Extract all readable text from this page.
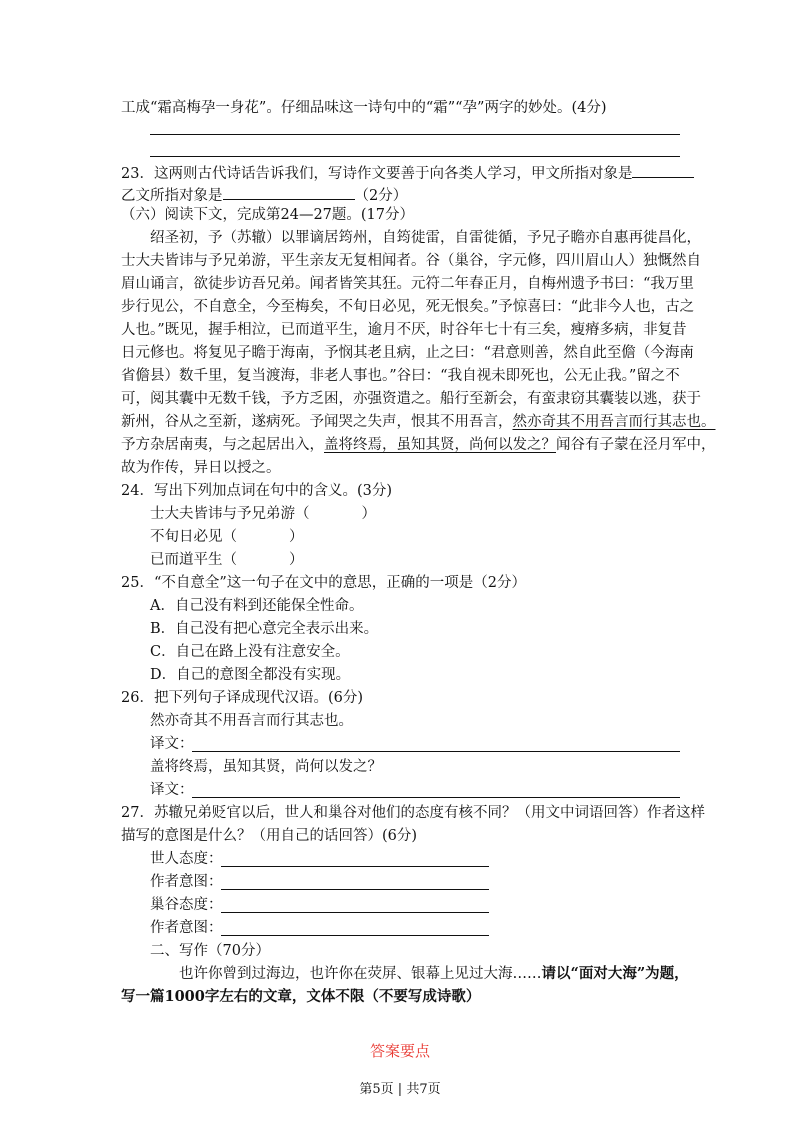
工成“霜高梅孕一身花”。仔细品味这一诗句中的“霜”“孕”两字的妙处。(4分)
23．这两则古代诗话告诉我们，写诗作文要善于向各类人学习，甲文所指对象是
乙文所指对象是	（2分）
（六）阅读下文，完成第24—27题。(17分）
绍圣初，予（苏辙）以罪谪居筠州，自筠徙雷，自雷徙循，予兄子瞻亦自惠再徙昌化，
士大夫皆讳与予兄弟游，平生亲友无复相闻者。谷（巢谷，字元修，四川眉山人）独慨然自
眉山诵言，欲徒步访吾兄弟。闻者皆笑其狂。元符二年春正月，自梅州遗予书曰：“我万里
步行见公，不自意全，今至梅矣，不旬日必见，死无恨矣。”予惊喜曰：“此非今人也，古之
人也。”既见，握手相泣，已而道平生，逾月不厌，时谷年七十有三矣，瘦瘠多病，非复昔
日元修也。将复见子瞻于海南，予悯其老且病，止之曰：“君意则善，然自此至儋（今海南
省儋县）数千里，复当渡海，非老人事也。”谷曰：“我自视未即死也，公无止我。”留之不
可，阅其囊中无数千钱，予方乏困，亦强资遣之。船行至新会，有蛮隶窃其囊装以逃，获于
新州，谷从之至新，遂病死。予闻哭之失声，恨其不用吾言，然亦奇其不用吾言而行其志也。
予方杂居南夷，与之起居出入，盖将终焉，虽知其贤，尚何以发之？闻谷有子蒙在泾月军中，
故为作传，异日以授之。
24．写出下列加点词在句中的含义。(3分)
士大夫皆讳与予兄弟游（	）
不旬日必见（	）
已而道平生（	）
25．“不自意全”这一句子在文中的意思，正确的一项是（2分）
A．自己没有料到还能保全性命。
B．自己没有把心意完全表示出来。
C．自己在路上没有注意安全。
D．自己的意图全都没有实现。
26．把下列句子译成现代汉语。(6分)
然亦奇其不用吾言而行其志也。
译文：
盖将终焉，虽知其贤，尚何以发之？
译文：
27．苏辙兄弟贬官以后，世人和巢谷对他们的态度有核不同？（用文中词语回答）作者这样
描写的意图是什么？（用自己的话回答）(6分)
世人态度：
作者意图：
巢谷态度：
作者意图：
二、写作（70分）
也许你曾到过海边，也许你在荧屏、银幕上见过大海……请以“面对大海”为题，
写一篇1000字左右的文章，文体不限（不要写成诗歌）
答案要点
第5页 | 共7页
